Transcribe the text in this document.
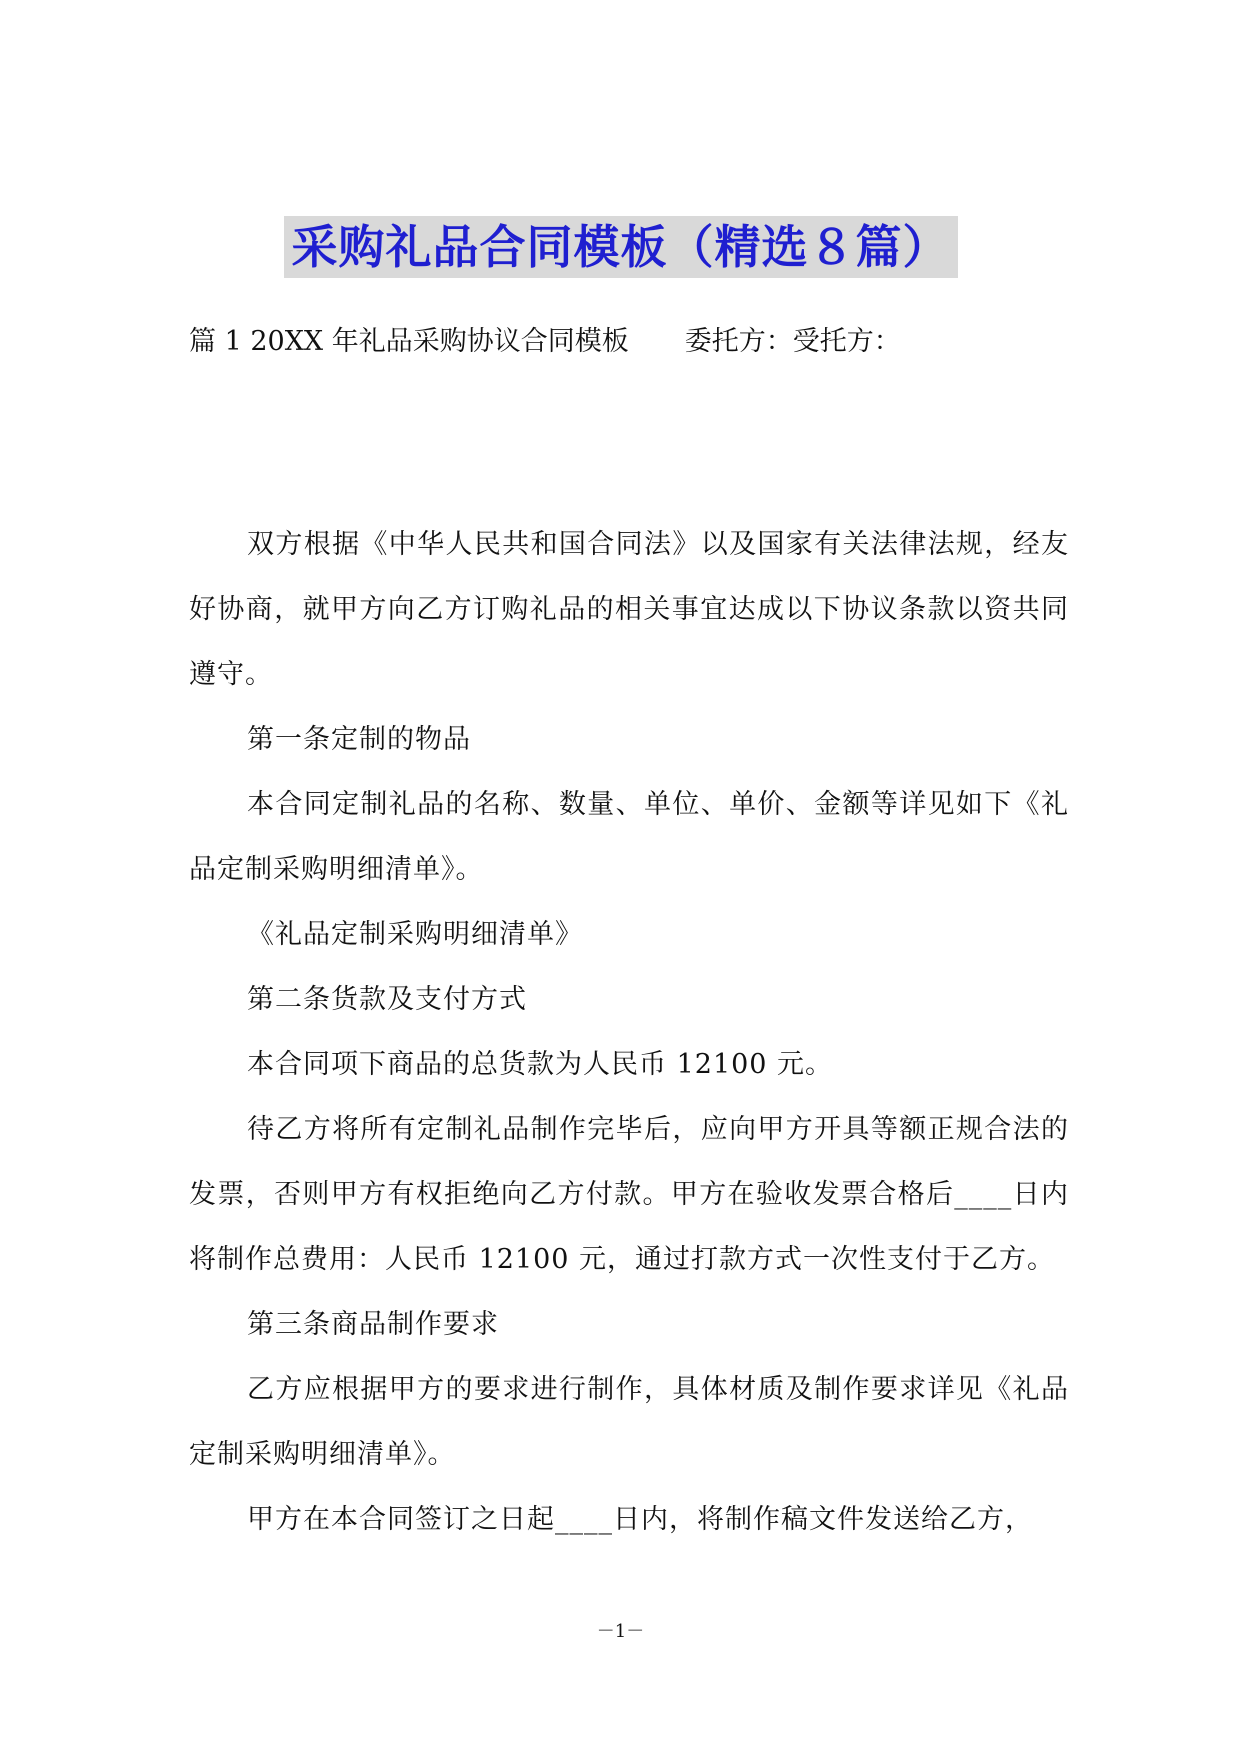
采购礼品合同模板（精选８篇）
篇 1 20XX 年礼品采购协议合同模板 委托方：受托方：

双方根据《中华人民共和国合同法》以及国家有关法律法规，经友好协商，就甲方向乙方订购礼品的相关事宜达成以下协议条款以资共同遵守。

第一条定制的物品

本合同定制礼品的名称、数量、单位、单价、金额等详见如下《礼品定制采购明细清单》。

《礼品定制采购明细清单》

第二条货款及支付方式

本合同项下商品的总货款为人民币 12100 元。

待乙方将所有定制礼品制作完毕后，应向甲方开具等额正规合法的发票，否则甲方有权拒绝向乙方付款。甲方在验收发票合格后____日内将制作总费用：人民币 12100 元，通过打款方式一次性支付于乙方。

第三条商品制作要求

乙方应根据甲方的要求进行制作，具体材质及制作要求详见《礼品定制采购明细清单》。

甲方在本合同签订之日起____日内，将制作稿文件发送给乙方，

－1－
